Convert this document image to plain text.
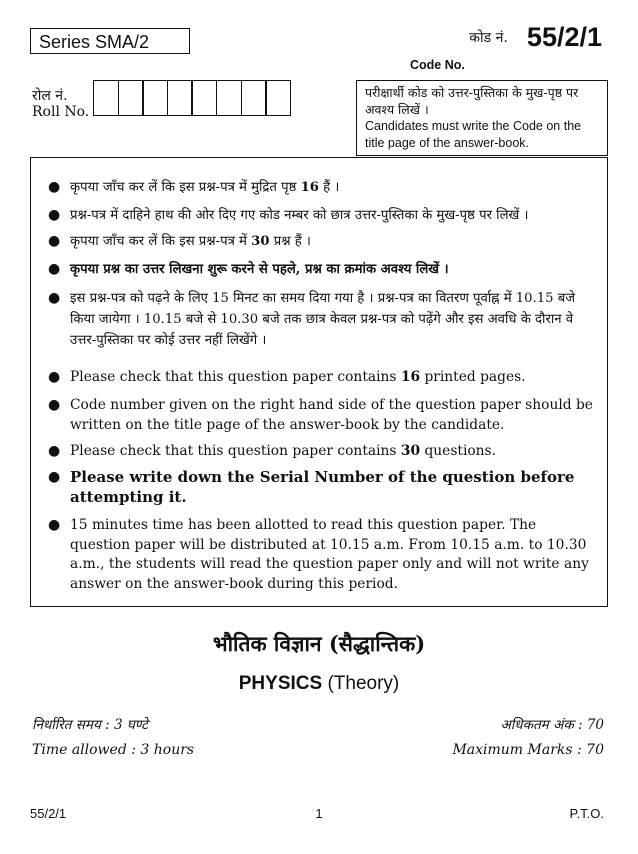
Series SMA/2	कोड नं. 55/2/1
Code No.
रोल नं.
Roll No.
परीक्षार्थी कोड को उत्तर-पुस्तिका के मुख-पृष्ठ पर अवश्य लिखें ।
Candidates must write the Code on the title page of the answer-book.
● कृपया जाँच कर लें कि इस प्रश्न-पत्र में मुद्रित पृष्ठ 16 हैं ।
● प्रश्न-पत्र में दाहिने हाथ की ओर दिए गए कोड नम्बर को छात्र उत्तर-पुस्तिका के मुख-पृष्ठ पर लिखें ।
● कृपया जाँच कर लें कि इस प्रश्न-पत्र में 30 प्रश्न हैं ।
● कृपया प्रश्न का उत्तर लिखना शुरू करने से पहले, प्रश्न का क्रमांक अवश्य लिखें ।
● इस प्रश्न-पत्र को पढ़ने के लिए 15 मिनट का समय दिया गया है । प्रश्न-पत्र का वितरण पूर्वाह्न में 10.15 बजे किया जायेगा । 10.15 बजे से 10.30 बजे तक छात्र केवल प्रश्न-पत्र को पढ़ेंगे और इस अवधि के दौरान वे उत्तर-पुस्तिका पर कोई उत्तर नहीं लिखेंगे ।
● Please check that this question paper contains 16 printed pages.
● Code number given on the right hand side of the question paper should be written on the title page of the answer-book by the candidate.
● Please check that this question paper contains 30 questions.
● Please write down the Serial Number of the question before attempting it.
● 15 minutes time has been allotted to read this question paper. The question paper will be distributed at 10.15 a.m. From 10.15 a.m. to 10.30 a.m., the students will read the question paper only and will not write any answer on the answer-book during this period.
भौतिक विज्ञान (सैद्धान्तिक)
PHYSICS (Theory)
निर्धारित समय : 3 घण्टे	अधिकतम अंक : 70
Time allowed : 3 hours	Maximum Marks : 70
55/2/1	1	P.T.O.
